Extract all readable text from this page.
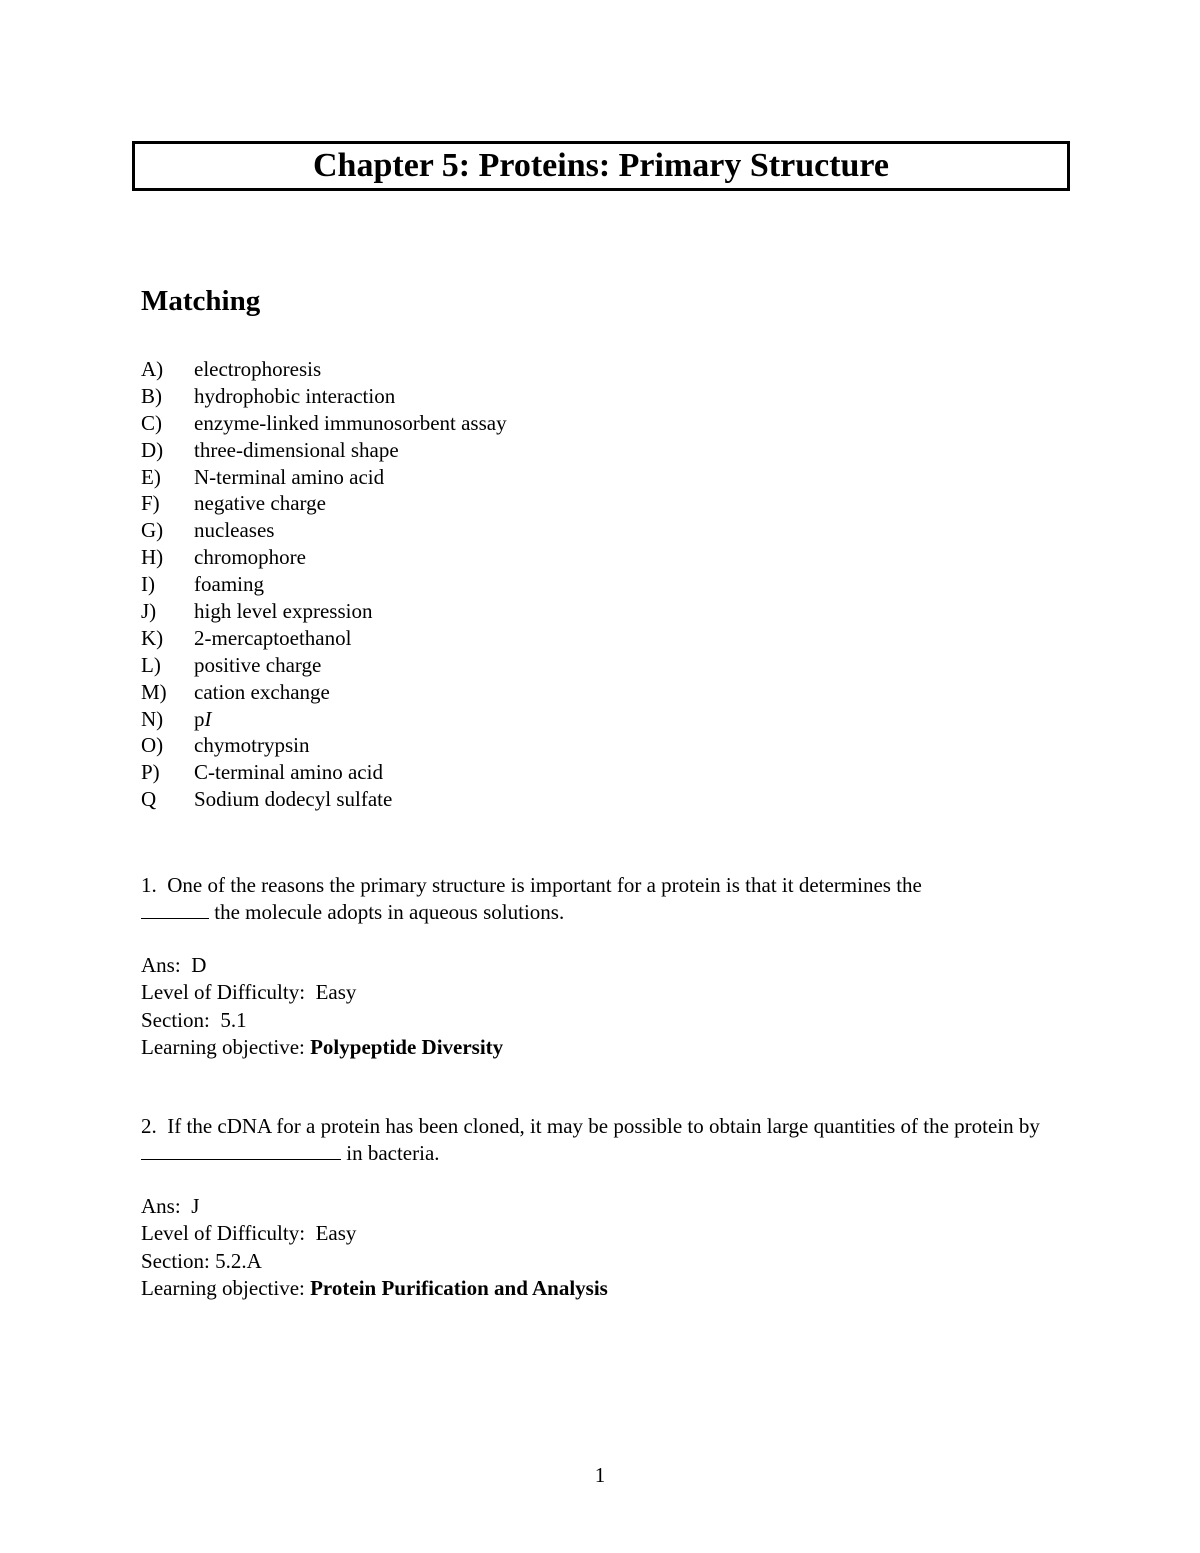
Chapter 5: Proteins: Primary Structure
Matching
A) electrophoresis
B) hydrophobic interaction
C) enzyme-linked immunosorbent assay
D) three-dimensional shape
E) N-terminal amino acid
F) negative charge
G) nucleases
H) chromophore
I) foaming
J) high level expression
K) 2-mercaptoethanol
L) positive charge
M) cation exchange
N) pI
O) chymotrypsin
P) C-terminal amino acid
Q Sodium dodecyl sulfate

1. One of the reasons the primary structure is important for a protein is that it determines the
the molecule adopts in aqueous solutions.

Ans: D
Level of Difficulty: Easy
Section: 5.1
Learning objective: Polypeptide Diversity

2. If the cDNA for a protein has been cloned, it may be possible to obtain large quantities of the protein by  in bacteria.

Ans: J
Level of Difficulty: Easy
Section: 5.2.A
Learning objective: Protein Purification and Analysis
1
